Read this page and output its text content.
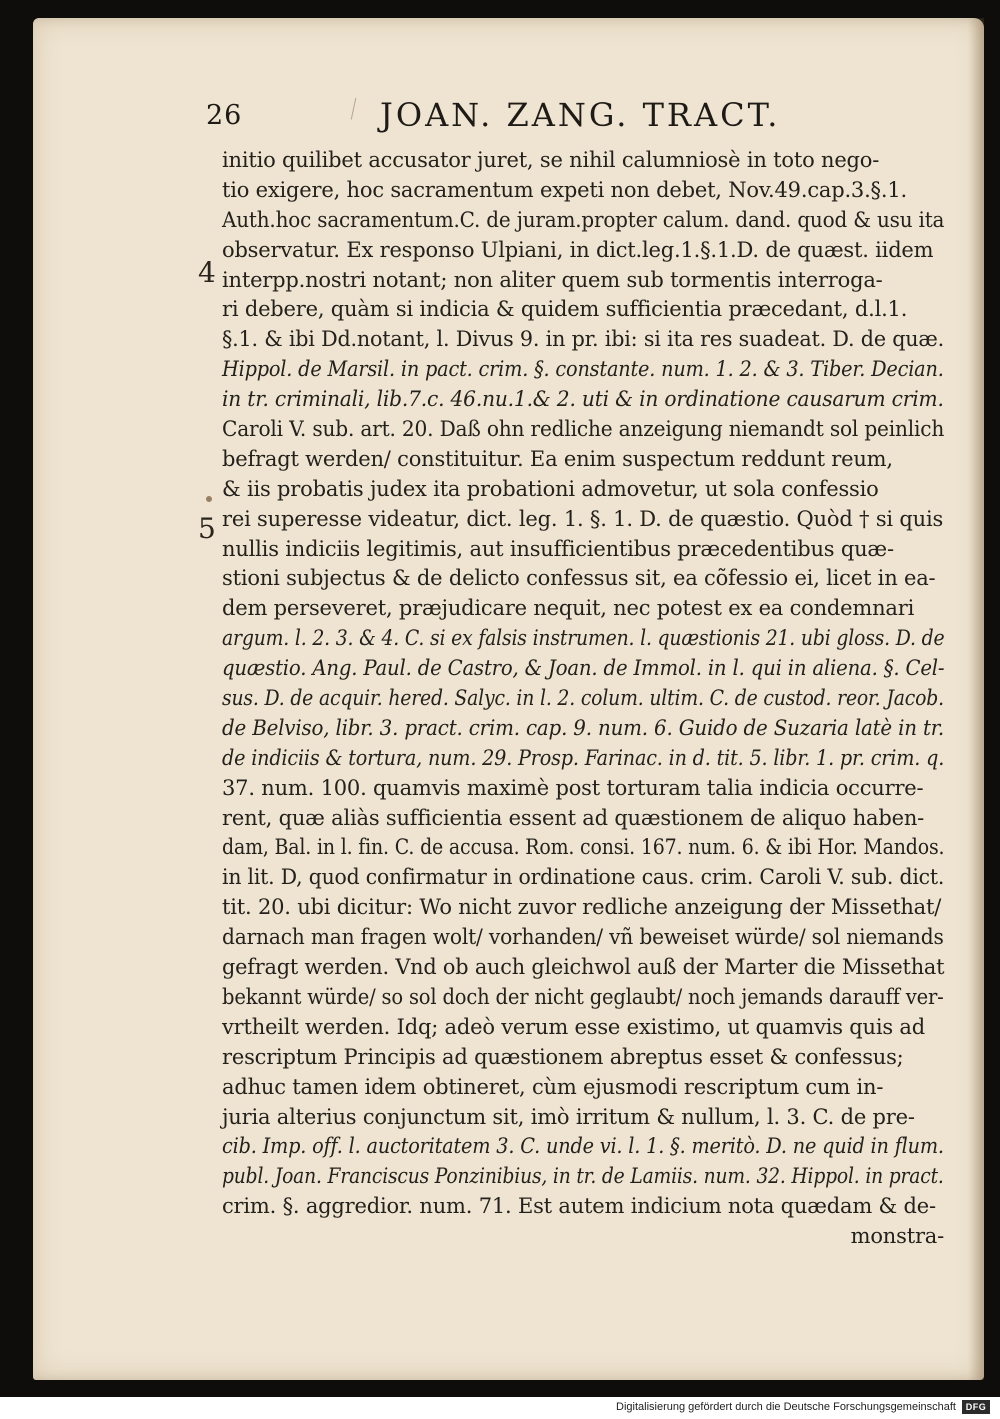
26	JOAN. ZANG. TRACT.
4
5
initio quilibet accusator juret, se nihil calumniosè in toto nego-
tio exigere, hoc sacramentum expeti non debet, Nov.49.cap.3.§.1.
Auth.hoc sacramentum.C. de juram.propter calum. dand. quod & usu ita
observatur. Ex responso Ulpiani, in dict.leg.1.§.1.D. de quæst. iidem
interpp.nostri notant; non aliter quem sub tormentis interroga-
ri debere, quàm si indicia & quidem sufficientia præcedant, d.l.1.
§.1. & ibi Dd.notant, l. Divus 9. in pr. ibi: si ita res suadeat. D. de quæ.
Hippol. de Marsil. in pact. crim. §. constante. num. 1. 2. & 3. Tiber. Decian.
in tr. criminali, lib.7.c. 46.nu.1.& 2. uti & in ordinatione causarum crim.
Caroli V. sub. art. 20. Daß ohn redliche anzeigung niemandt sol peinlich
befragt werden/ constituitur. Ea enim suspectum reddunt reum,
& iis probatis judex ita probationi admovetur, ut sola confessio
rei superesse videatur, dict. leg. 1. §. 1. D. de quæstio. Quòd † si quis
nullis indiciis legitimis, aut insufficientibus præcedentibus quæ-
stioni subjectus & de delicto confessus sit, ea cõfessio ei, licet in ea-
dem perseveret, præjudicare nequit, nec potest ex ea condemnari
argum. l. 2. 3. & 4. C. si ex falsis instrumen. l. quæstionis 21. ubi gloss. D. de
quæstio. Ang. Paul. de Castro, & Joan. de Immol. in l. qui in aliena. §. Cel-
sus. D. de acquir. hered. Salyc. in l. 2. colum. ultim. C. de custod. reor. Jacob.
de Belviso, libr. 3. pract. crim. cap. 9. num. 6. Guido de Suzaria latè in tr.
de indiciis & tortura, num. 29. Prosp. Farinac. in d. tit. 5. libr. 1. pr. crim. q.
37. num. 100. quamvis maximè post torturam talia indicia occurre-
rent, quæ aliàs sufficientia essent ad quæstionem de aliquo haben-
dam, Bal. in l. fin. C. de accusa. Rom. consi. 167. num. 6. & ibi Hor. Mandos.
in lit. D, quod confirmatur in ordinatione caus. crim. Caroli V. sub. dict.
tit. 20. ubi dicitur: Wo nicht zuvor redliche anzeigung der Missethat/
darnach man fragen wolt/ vorhanden/ vñ beweiset würde/ sol niemands
gefragt werden. Vnd ob auch gleichwol auß der Marter die Missethat
bekannt würde/ so sol doch der nicht geglaubt/ noch jemands darauff ver-
vrtheilt werden. Idq; adeò verum esse existimo, ut quamvis quis ad
rescriptum Principis ad quæstionem abreptus esset & confessus;
adhuc tamen idem obtineret, cùm ejusmodi rescriptum cum in-
juria alterius conjunctum sit, imò irritum & nullum, l. 3. C. de pre-
cib. Imp. off. l. auctoritatem 3. C. unde vi. l. 1. §. meritò. D. ne quid in flum.
publ. Joan. Franciscus Ponzinibius, in tr. de Lamiis. num. 32. Hippol. in pract.
crim. §. aggredior. num. 71. Est autem indicium nota quædam & de-
monstra-
Digitalisierung gefördert durch die Deutsche Forschungsgemeinschaft	DFG
